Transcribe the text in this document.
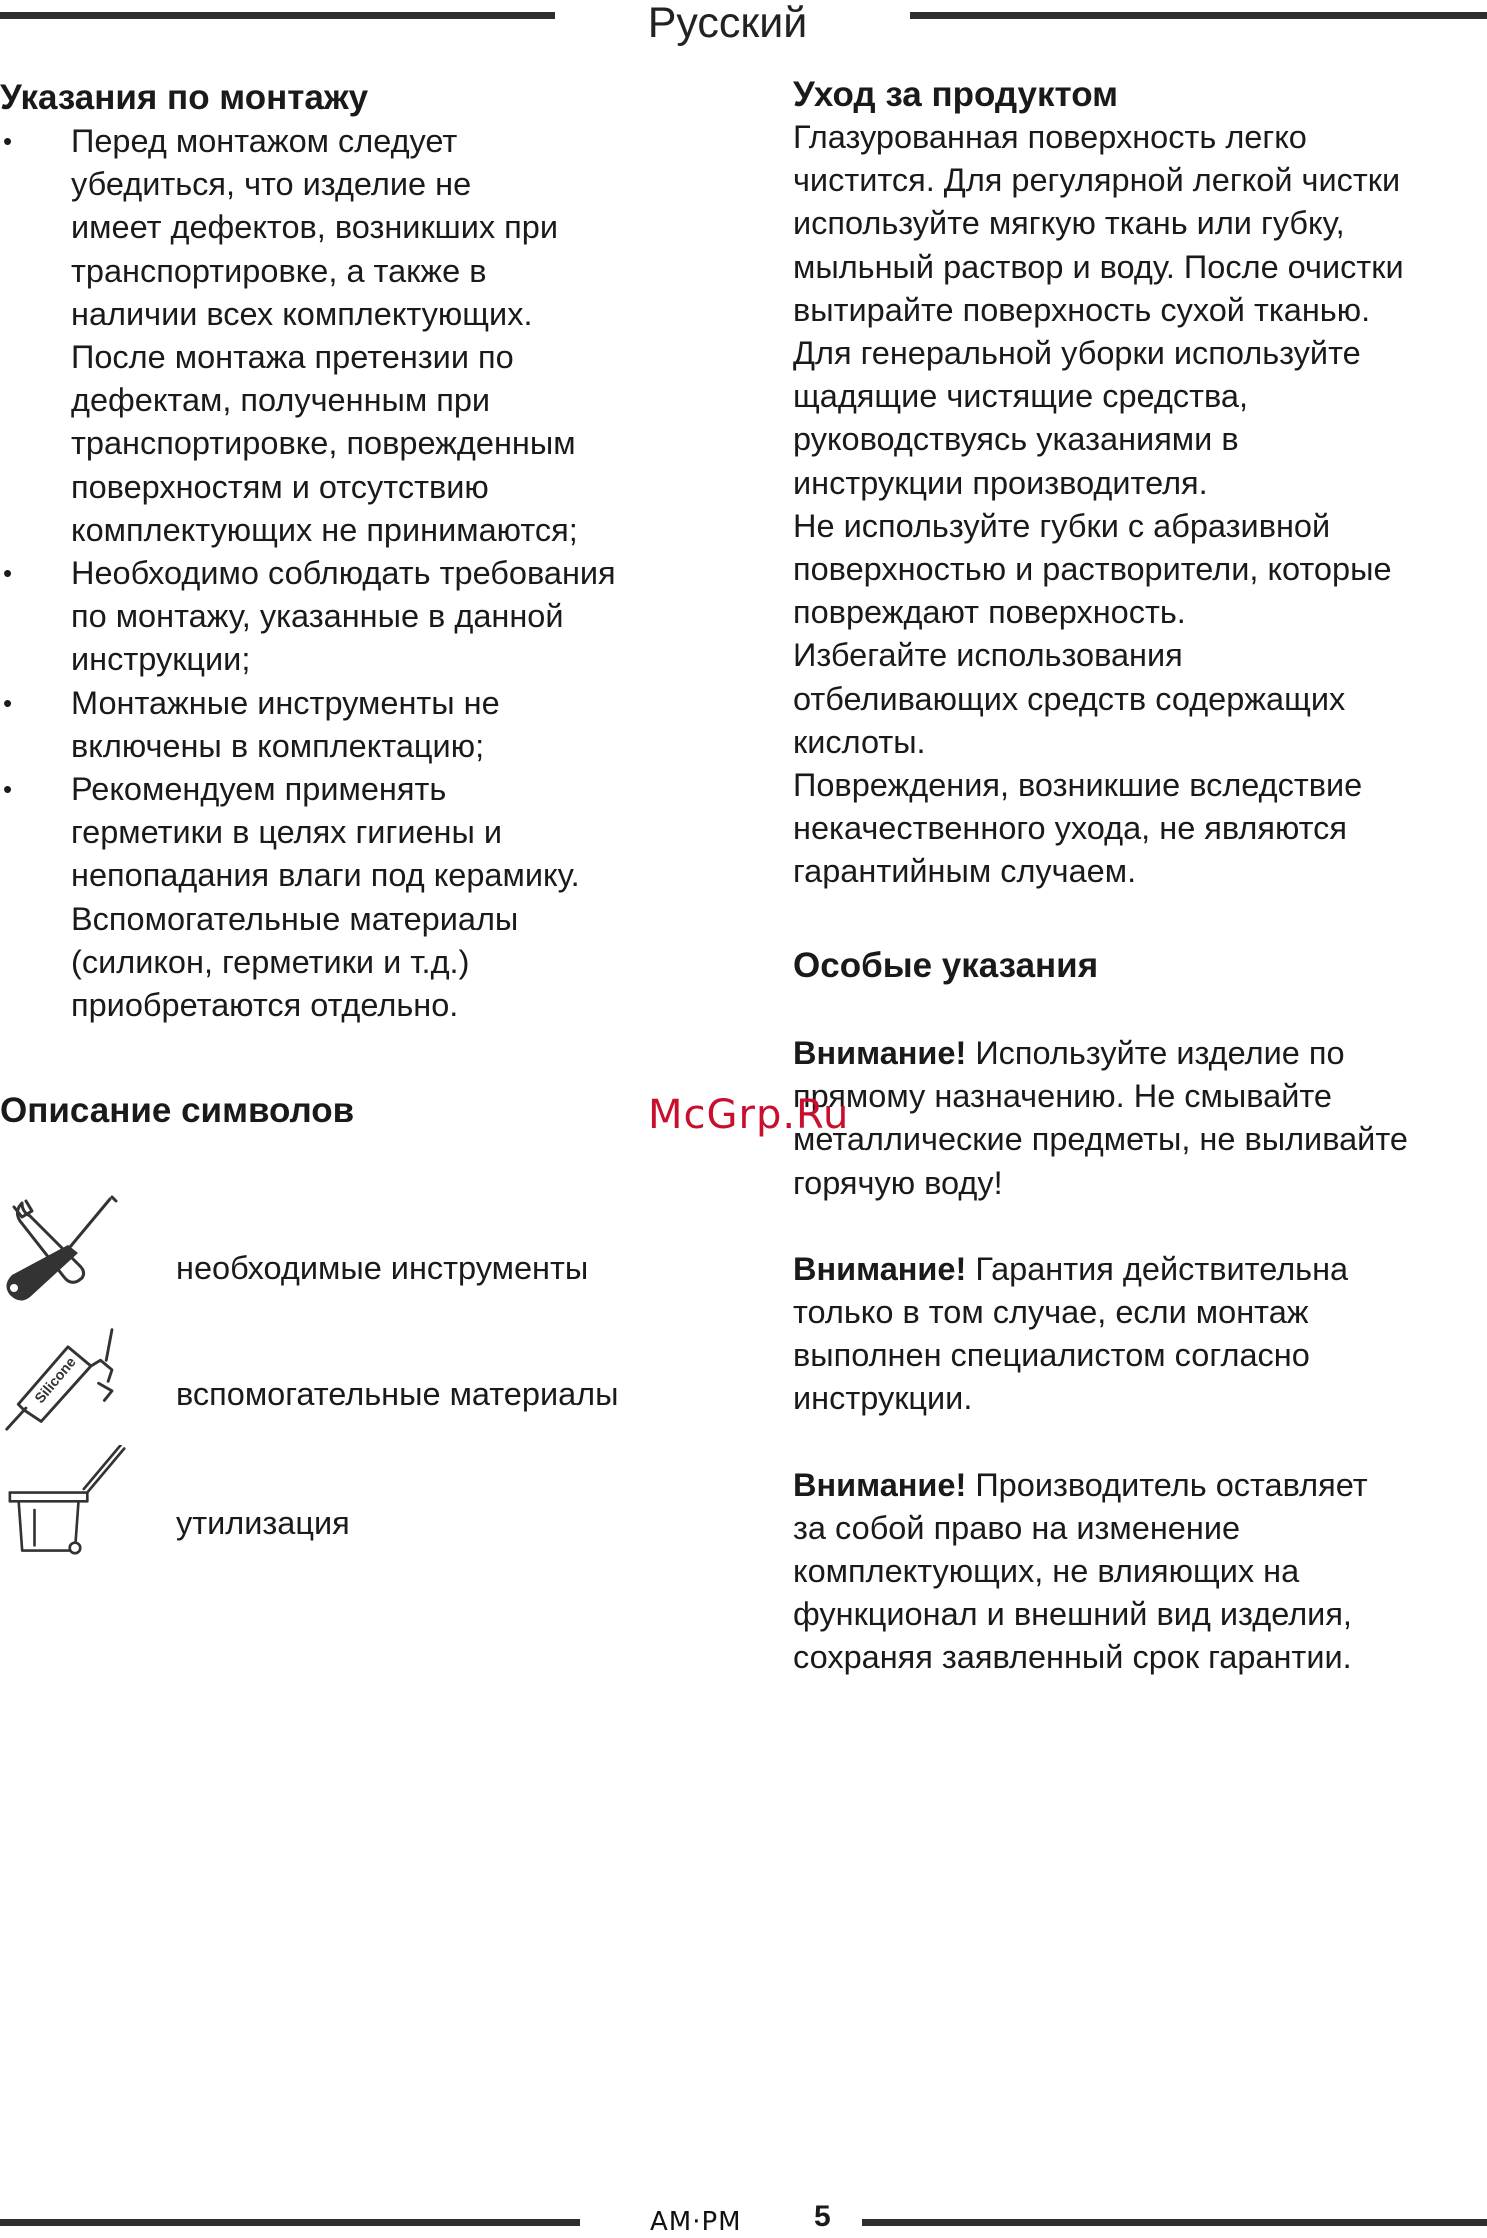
Русский
Указания по монтажу
• Перед монтажом следует
убедиться, что изделие не
имеет дефектов, возникших при
транспортировке, а также в
наличии всех комплектующих.
После монтажа претензии по
дефектам, полученным при
транспортировке, поврежденным
поверхностям и отсутствию
комплектующих не принимаются;
• Необходимо соблюдать требования
по монтажу, указанные в данной
инструкции;
• Монтажные инструменты не
включены в комплектацию;
• Рекомендуем применять
герметики в целях гигиены и
непопадания влаги под керамику.
Вспомогательные материалы
(силикон, герметики и т.д.)
приобретаются отдельно.
Описание символов
необходимые инструменты
Silicone	вспомогательные материалы
утилизация
Уход за продуктом
Глазурованная поверхность легко
чистится. Для регулярной легкой чистки
используйте мягкую ткань или губку,
мыльный раствор и воду. После очистки
вытирайте поверхность сухой тканью.
Для генеральной уборки используйте
щадящие чистящие средства,
руководствуясь указаниями в
инструкции производителя.
Не используйте губки с абразивной
поверхностью и растворители, которые
повреждают поверхность.
Избегайте использования
отбеливающих средств содержащих
кислоты.
Повреждения, возникшие вследствие
некачественного ухода, не являются
гарантийным случаем.
Особые указания
Внимание! Используйте изделие по
прямому назначению. Не смывайте
металлические предметы, не выливайте
горячую воду!
Внимание! Гарантия действительна
только в том случае, если монтаж
выполнен специалистом согласно
инструкции.
Внимание! Производитель оставляет
за собой право на изменение
комплектующих, не влияющих на
функционал и внешний вид изделия,
сохраняя заявленный срок гарантии.
McGrp.Ru
AM·PM 5
